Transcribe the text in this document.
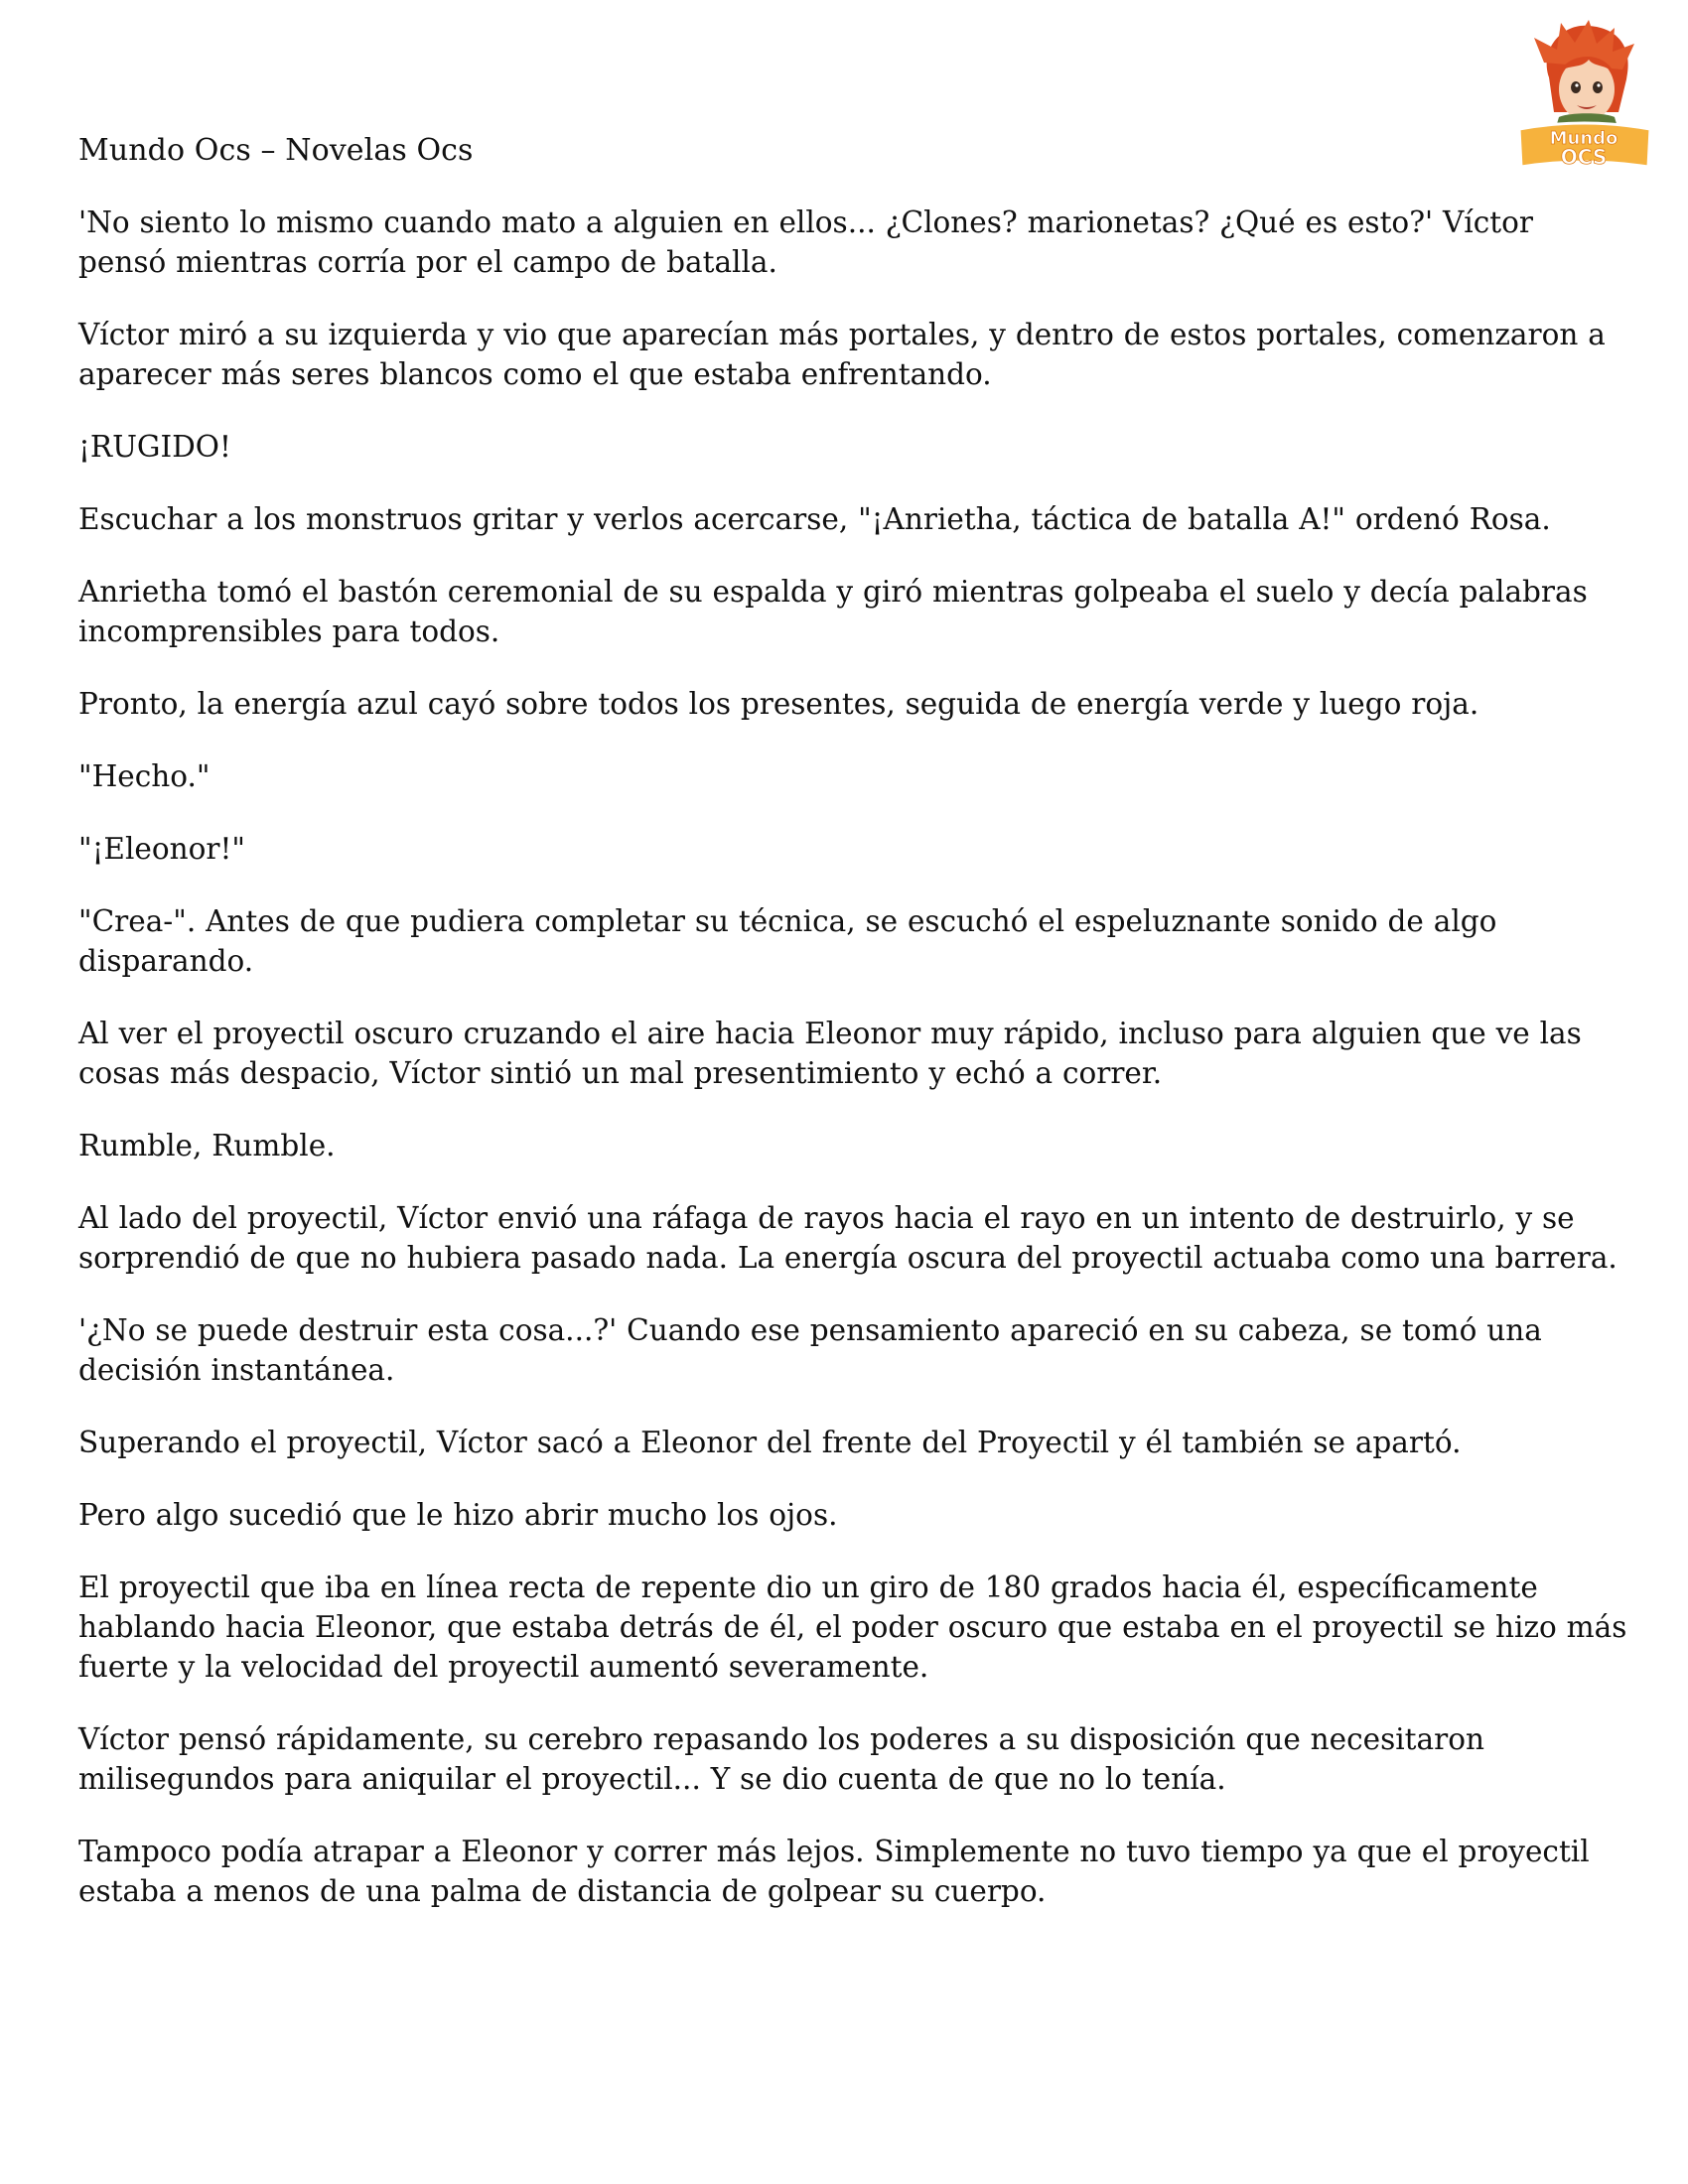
Mundo
OCS
Mundo Ocs – Novelas Ocs

'No siento lo mismo cuando mato a alguien en ellos... ¿Clones? marionetas? ¿Qué es esto?' Víctor pensó mientras corría por el campo de batalla.

Víctor miró a su izquierda y vio que aparecían más portales, y dentro de estos portales, comenzaron a aparecer más seres blancos como el que estaba enfrentando.

¡RUGIDO!

Escuchar a los monstruos gritar y verlos acercarse, "¡Anrietha, táctica de batalla A!" ordenó Rosa.

Anrietha tomó el bastón ceremonial de su espalda y giró mientras golpeaba el suelo y decía palabras incomprensibles para todos.

Pronto, la energía azul cayó sobre todos los presentes, seguida de energía verde y luego roja.

"Hecho."

"¡Eleonor!"

"Crea-". Antes de que pudiera completar su técnica, se escuchó el espeluznante sonido de algo disparando.

Al ver el proyectil oscuro cruzando el aire hacia Eleonor muy rápido, incluso para alguien que ve las cosas más despacio, Víctor sintió un mal presentimiento y echó a correr.

Rumble, Rumble.

Al lado del proyectil, Víctor envió una ráfaga de rayos hacia el rayo en un intento de destruirlo, y se sorprendió de que no hubiera pasado nada. La energía oscura del proyectil actuaba como una barrera.

'¿No se puede destruir esta cosa...?' Cuando ese pensamiento apareció en su cabeza, se tomó una decisión instantánea.

Superando el proyectil, Víctor sacó a Eleonor del frente del Proyectil y él también se apartó.

Pero algo sucedió que le hizo abrir mucho los ojos.

El proyectil que iba en línea recta de repente dio un giro de 180 grados hacia él, específicamente hablando hacia Eleonor, que estaba detrás de él, el poder oscuro que estaba en el proyectil se hizo más fuerte y la velocidad del proyectil aumentó severamente.

Víctor pensó rápidamente, su cerebro repasando los poderes a su disposición que necesitaron milisegundos para aniquilar el proyectil... Y se dio cuenta de que no lo tenía.

Tampoco podía atrapar a Eleonor y correr más lejos. Simplemente no tuvo tiempo ya que el proyectil estaba a menos de una palma de distancia de golpear su cuerpo.
